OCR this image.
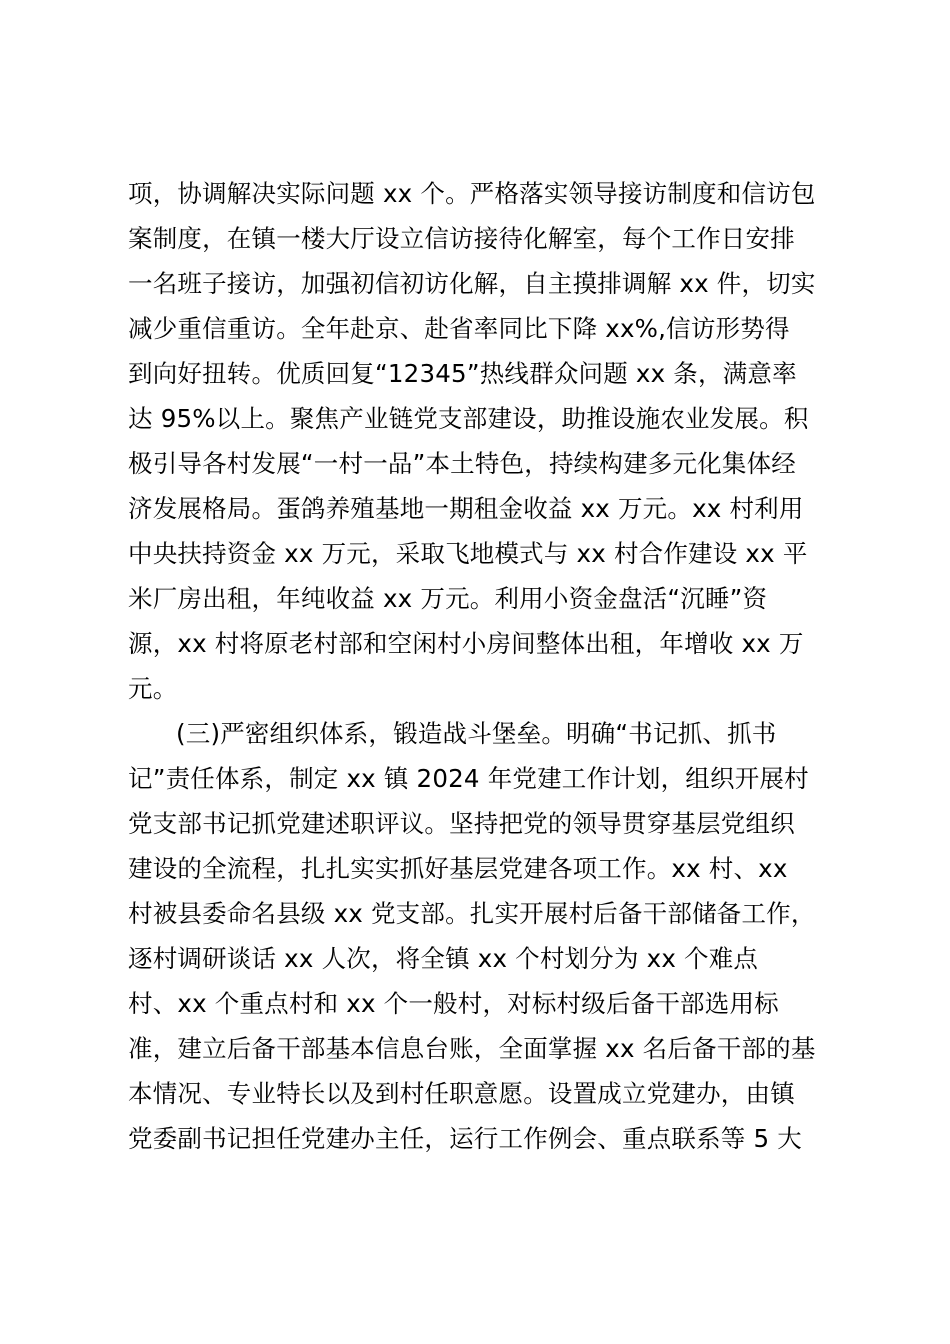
项，协调解决实际问题 xx 个。严格落实领导接访制度和信访包
案制度，在镇一楼大厅设立信访接待化解室，每个工作日安排
一名班子接访，加强初信初访化解，自主摸排调解 xx 件，切实
减少重信重访。全年赴京、赴省率同比下降 xx%,信访形势得
到向好扭转。优质回复“12345”热线群众问题 xx 条，满意率
达 95%以上。聚焦产业链党支部建设，助推设施农业发展。积
极引导各村发展“一村一品”本土特色，持续构建多元化集体经
济发展格局。蛋鸽养殖基地一期租金收益 xx 万元。xx 村利用
中央扶持资金 xx 万元，采取飞地模式与 xx 村合作建设 xx 平
米厂房出租，年纯收益 xx 万元。利用小资金盘活“沉睡”资
源，xx 村将原老村部和空闲村小房间整体出租，年增收 xx 万
元。
(三)严密组织体系，锻造战斗堡垒。明确“书记抓、抓书
记”责任体系，制定 xx 镇 2024 年党建工作计划，组织开展村
党支部书记抓党建述职评议。坚持把党的领导贯穿基层党组织
建设的全流程，扎扎实实抓好基层党建各项工作。xx 村、xx
村被县委命名县级 xx 党支部。扎实开展村后备干部储备工作，
逐村调研谈话 xx 人次，将全镇 xx 个村划分为 xx 个难点
村、xx 个重点村和 xx 个一般村，对标村级后备干部选用标
准，建立后备干部基本信息台账，全面掌握 xx 名后备干部的基
本情况、专业特长以及到村任职意愿。设置成立党建办，由镇
党委副书记担任党建办主任，运行工作例会、重点联系等 5 大
